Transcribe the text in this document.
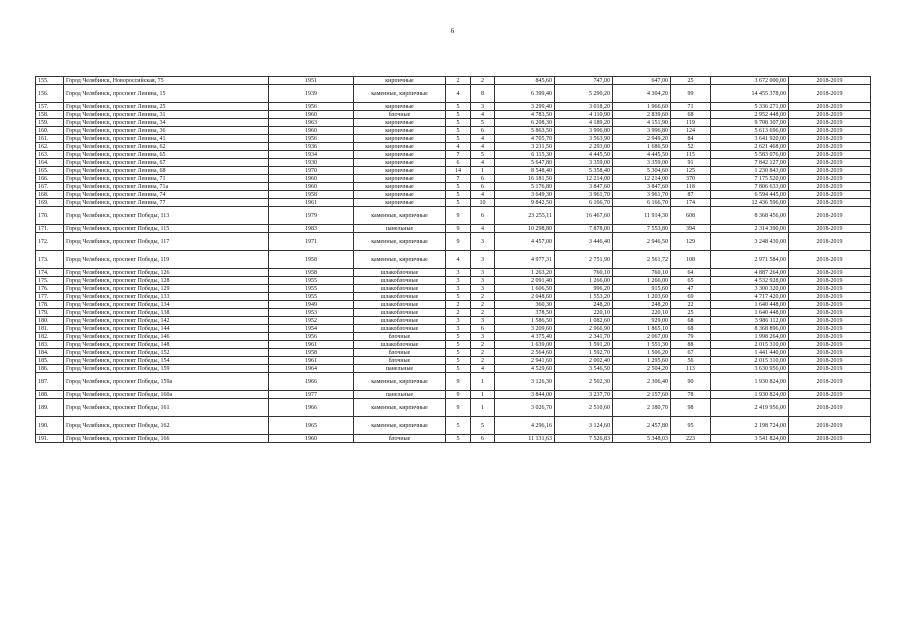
6
155.	Город Челябинск, Новороссийская, 75	1951	кирпичные	2	2	845,60	747,00	647,00	25	3 672 000,00	2018-2019
156.	Город Челябинск, проспект Ленина, 15	1939	каменные, кирпичные	4	8	6 399,40	5 290,20	4 304,20	99	14 455 378,00	2018-2019
157.	Город Челябинск, проспект Ленина, 25	1956	кирпичные	5	3	3 299,40	3 018,20	1 966,60	71	5 336 271,00	2018-2019
158.	Город Челябинск, проспект Ленина, 31	1960	блочные	5	4	4 783,50	4 110,90	2 839,60	68	2 952 448,00	2018-2019
159.	Город Челябинск, проспект Ленина, 34	1963	кирпичные	5	5	6 208,30	4 189,20	4 151,90	119	9 708 307,00	2018-2019
160.	Город Челябинск, проспект Ленина, 36	1960	кирпичные	5	6	5 863,50	3 996,80	3 996,80	124	5 613 696,00	2018-2019
161.	Город Челябинск, проспект Ленина, 41	1956	кирпичные	5	4	4 705,70	3 563,90	2 949,20	84	3 641 920,00	2018-2019
162.	Город Челябинск, проспект Ленина, 62	1936	кирпичные	4	4	3 211,50	2 293,00	1 686,50	52	2 621 468,00	2018-2019
163.	Город Челябинск, проспект Ленина, 65	1934	кирпичные	7	5	6 115,30	4 445,50	4 445,50	115	5 583 076,00	2018-2019
164.	Город Челябинск, проспект Ленина, 67	1930	кирпичные	6	4	5 647,80	3 359,00	3 359,00	91	7 842 127,00	2018-2019
165.	Город Челябинск, проспект Ленина, 68	1970	кирпичные	14	1	8 548,40	5 358,40	5 304,60	125	1 230 843,00	2018-2019
166.	Город Челябинск, проспект Ленина, 71	1960	кирпичные	7	6	16 181,50	12 214,00	12 214,00	370	7 175 520,00	2018-2019
167.	Город Челябинск, проспект Ленина, 71а	1960	кирпичные	5	6	5 176,80	3 847,60	3 847,60	118	7 806 633,00	2018-2019
168.	Город Челябинск, проспект Ленина, 74	1958	кирпичные	5	4	3 649,30	3 961,70	3 961,70	87	6 594 445,00	2018-2019
169.	Город Челябинск, проспект Ленина, 77	1961	кирпичные	5	10	9 842,50	6 166,70	6 166,70	174	12 436 596,00	2018-2019
170.	Город Челябинск, проспект Победы, 113	1979	каменные, кирпичные	9	6	23 255,11	16 467,60	11 914,30	608	8 368 456,00	2018-2019
171.	Город Челябинск, проспект Победы, 115	1983	панельные	9	4	10 298,80	7 878,00	7 553,80	394	2 314 390,00	2018-2019
172.	Город Челябинск, проспект Победы, 117	1971	каменные, кирпичные	9	3	4 457,00	3 446,40	2 946,50	129	3 248 430,00	2018-2019
173.	Город Челябинск, проспект Победы, 119	1958	каменные, кирпичные	4	3	4 977,31	2 751,90	2 561,72	108	2 971 584,00	2018-2019
174.	Город Челябинск, проспект Победы, 126	1958	шлакоблочные	3	3	1 263,20	760,10	760,10	64	4 887 264,00	2018-2019
175.	Город Челябинск, проспект Победы, 128	1955	шлакоблочные	3	3	2 091,40	1 266,00	1 266,00	65	4 532 928,00	2018-2019
176.	Город Челябинск, проспект Победы, 129	1955	шлакоблочные	3	3	1 606,50	996,20	915,60	47	3 300 320,00	2018-2019
177.	Город Челябинск, проспект Победы, 133	1955	шлакоблочные	5	2	2 048,60	1 553,20	1 203,60	69	4 717 420,00	2018-2019
178.	Город Челябинск, проспект Победы, 134	1949	шлакоблочные	2	2	360,30	248,20	248,20	22	1 640 448,00	2018-2019
179.	Город Челябинск, проспект Победы, 138	1953	шлакоблочные	2	2	378,50	220,10	220,10	25	1 640 448,00	2018-2019
180.	Город Челябинск, проспект Победы, 142	1952	шлакоблочные	3	3	1 586,50	1 082,60	929,00	68	3 986 112,00	2018-2019
181.	Город Челябинск, проспект Победы, 144	1954	шлакоблочные	3	6	3 209,60	2 966,90	1 865,10	68	8 368 896,00	2018-2019
182.	Город Челябинск, проспект Победы, 146	1956	блочные	5	3	4 375,40	2 341,70	2 067,00	79	1 998 264,00	2018-2019
183.	Город Челябинск, проспект Победы, 148	1961	шлакоблочные	5	2	1 639,00	1 591,20	1 551,30	88	2 015 310,00	2018-2019
184.	Город Челябинск, проспект Победы, 152	1958	блочные	5	2	2 564,60	1 592,70	1 506,20	67	1 441 440,00	2018-2019
185.	Город Челябинск, проспект Победы, 154	1961	блочные	5	2	2 941,60	2 002,40	1 295,60	56	2 015 310,00	2018-2019
186.	Город Челябинск, проспект Победы, 159	1964	панельные	5	4	4 529,60	3 546,50	2 504,20	113	3 630 956,00	2018-2019
187.	Город Челябинск, проспект Победы, 159а	1966	каменные, кирпичные	9	1	3 126,30	2 502,30	2 306,40	90	1 930 824,00	2018-2019
188.	Город Челябинск, проспект Победы, 160а	1977	панельные	9	1	3 844,00	3 237,70	2 157,60	78	1 930 824,00	2018-2019
189.	Город Челябинск, проспект Победы, 161	1966	каменные, кирпичные	9	1	3 026,70	2 510,60	2 180,70	98	2 419 956,00	2018-2019
190.	Город Челябинск, проспект Победы, 162	1965	каменные, кирпичные	5	5	4 296,16	3 124,60	2 457,80	95	2 198 724,00	2018-2019
191.	Город Челябинск, проспект Победы, 166	1960	блочные	5	6	11 131,63	7 526,83	5 348,03	223	3 541 824,00	2018-2019
